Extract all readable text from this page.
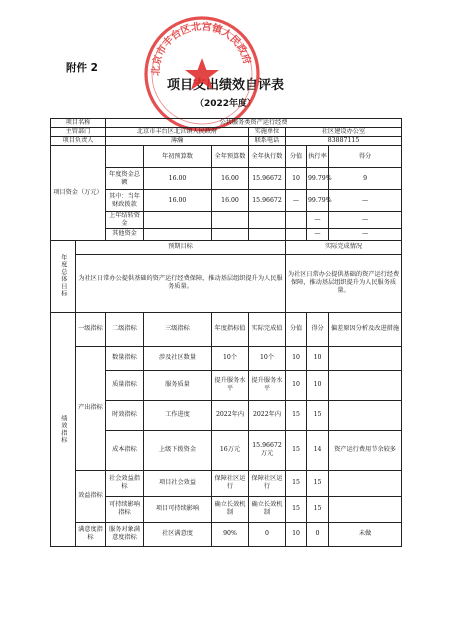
附件 2
项目支出绩效自评表
（2022年度）
北京市丰台区北宫镇人民政府
项目名称		公共服务类资产运行经费						
主管部门		北京市丰台区北宫镇人民政府			实施单位	社区建设办公室		
项目负责人		薄瀚			联系电话	83887115		
项目资金（万元）			年初预算数	全年预算数	全年执行数	分值	执行率	得分
		年度资金总额	16.00	16.00	15.96672	10	99.79%	9
		其中：当年财政拨款	16.00	16.00	15.96672	—	99.79%	—
		上年结转资金					—	—
		其他资金					—	—

年度总体目标	预期目标					实际完成情况		
	为社区日常办公提供基础的资产运行经费保障，推动基层组织提升为人民服务质量。					为社区日常办公提供基础的资产运行经费保障，推动基层组织提升为人民服务质量。		

绩效指标	一级指标	二级指标	三级指标	年度指标值	实际完成值	分值	得分	偏差原因分析及改进措施
	产出指标	数量指标	涉及社区数量	10个	10个	10	10	
		质量指标	服务质量	提升服务水平	提升服务水平	10	10	
		时效指标	工作进度	2022年内	2022年内	15	15	
		成本指标	上级下拨资金	16万元	15.96672万元	15	14	资产运行费用节余较多
	效益指标	社会效益指标	项目社会效益	保障社区运行	保障社区运行	15	15	
		可持续影响指标	项目可持续影响	确立长效机制	确立长效机制	15	15	
	满意度指标	服务对象满意度指标	社区满意度	90%	0	10	0	未做
